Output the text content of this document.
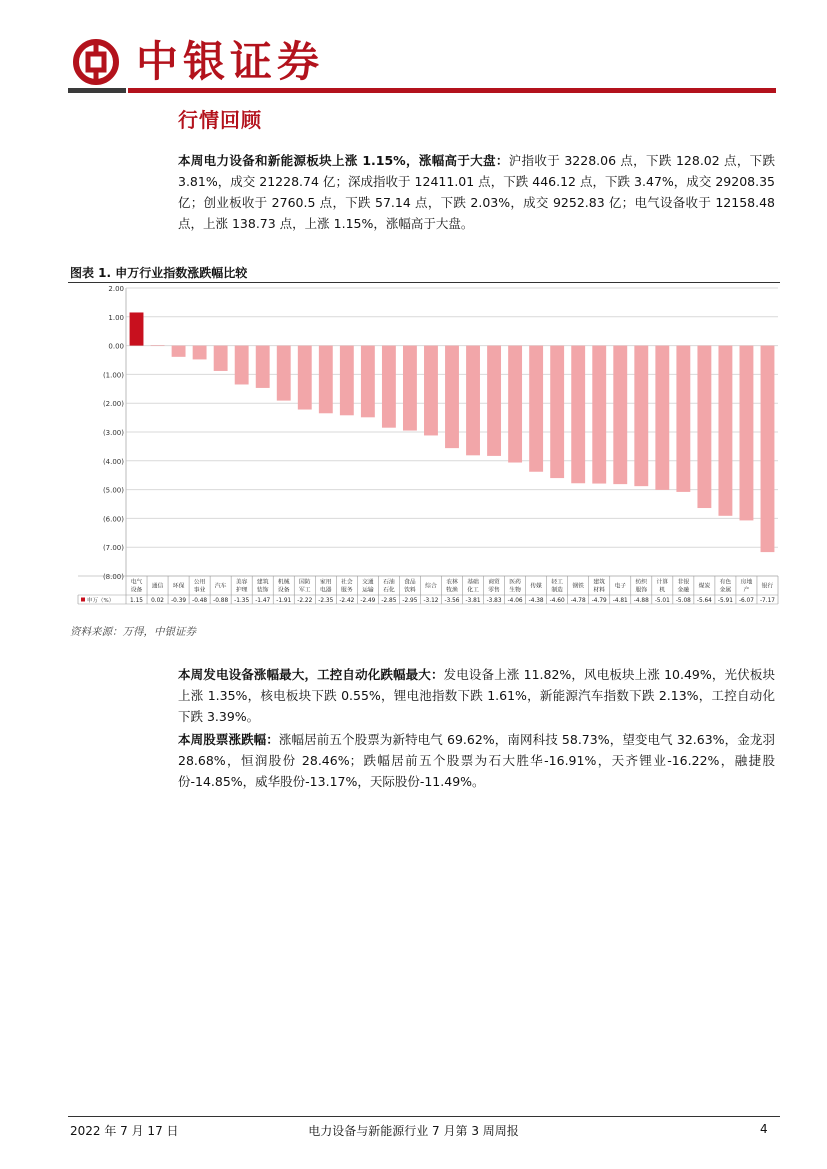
中银证券
行情回顾
本周电力设备和新能源板块上涨 1.15%，涨幅高于大盘：沪指收于 3228.06 点，下跌 128.02 点，下跌 3.81%，成交 21228.74 亿；深成指收于 12411.01 点，下跌 446.12 点，下跌 3.47%，成交 29208.35 亿；创业板收于 2760.5 点，下跌 57.14 点，下跌 2.03%，成交 9252.83 亿；电气设备收于 12158.48 点，上涨 138.73 点，上涨 1.15%，涨幅高于大盘。
图表 1. 申万行业指数涨跌幅比较
2.00
1.00
0.00
(1.00)
(2.00)
(3.00)
(4.00)
(5.00)
(6.00)
(7.00)
(8.00)
申万（%）
电气
设备
1.15
通信
0.02
环保
-0.39
公用
事业
-0.48
汽车
-0.88
美容
护理
-1.35
建筑
装饰
-1.47
机械
设备
-1.91
国防
军工
-2.22
家用
电器
-2.35
社会
服务
-2.42
交通
运输
-2.49
石油
石化
-2.85
食品
饮料
-2.95
综合
-3.12
农林
牧渔
-3.56
基础
化工
-3.81
商贸
零售
-3.83
医药
生物
-4.06
传媒
-4.38
轻工
制造
-4.60
钢铁
-4.78
建筑
材料
-4.79
电子
-4.81
纺织
服饰
-4.88
计算
机
-5.01
非银
金融
-5.08
煤炭
-5.64
有色
金属
-5.91
房地
产
-6.07
银行
-7.17
资料来源：万得，中银证券
本周发电设备涨幅最大，工控自动化跌幅最大：发电设备上涨 11.82%，风电板块上涨 10.49%，光伏板块上涨 1.35%，核电板块下跌 0.55%，锂电池指数下跌 1.61%，新能源汽车指数下跌 2.13%，工控自动化下跌 3.39%。
本周股票涨跌幅：涨幅居前五个股票为新特电气 69.62%，南网科技 58.73%，望变电气 32.63%，金龙羽 28.68%，恒润股份 28.46%；跌幅居前五个股票为石大胜华-16.91%，天齐锂业-16.22%，融捷股份-14.85%，威华股份-13.17%，天际股份-11.49%。
2022 年 7 月 17 日	电力设备与新能源行业 7 月第 3 周周报	4
